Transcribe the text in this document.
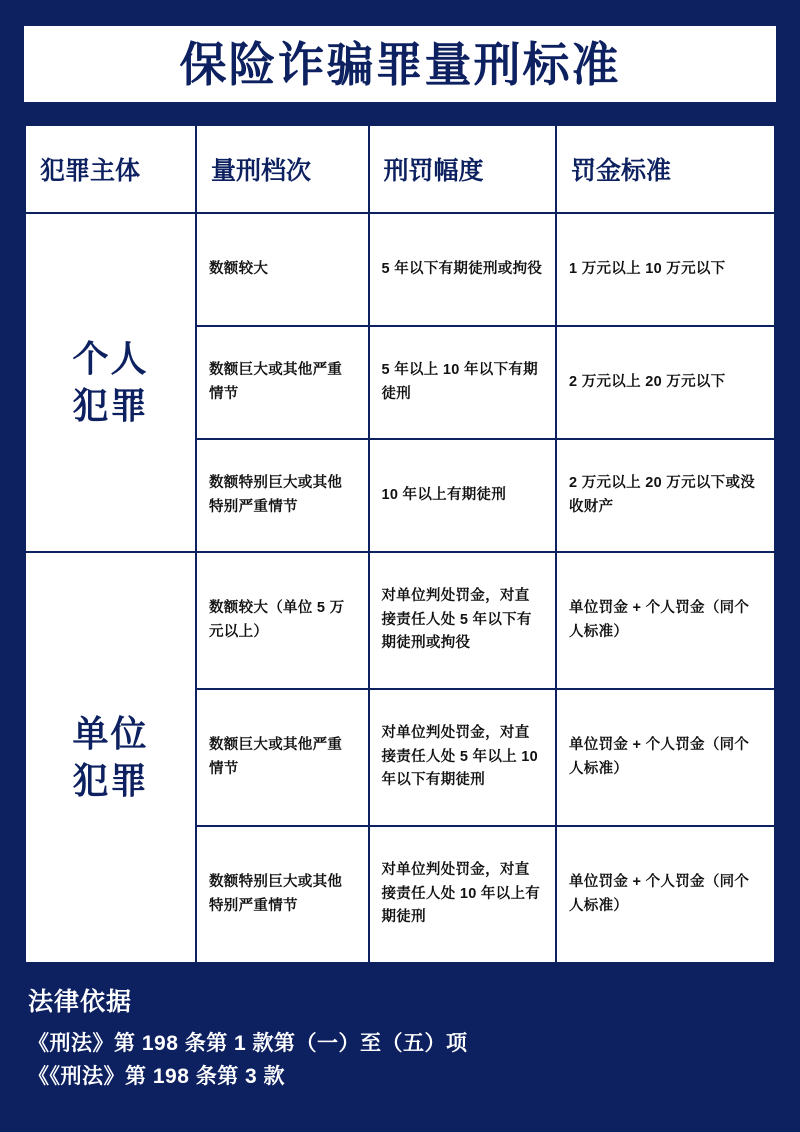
保险诈骗罪量刑标准
犯罪主体	量刑档次	刑罚幅度	罚金标准

个人
犯罪	数额较大	5 年以下有期徒刑或拘役	1 万元以上 10 万元以下
	数额巨大或其他严重情节	5 年以上 10 年以下有期徒刑	2 万元以上 20 万元以下
	数额特别巨大或其他特别严重情节	10 年以上有期徒刑	2 万元以上 20 万元以下或没收财产

单位
犯罪	数额较大（单位 5 万元以上）	对单位判处罚金，对直接责任人处 5 年以下有期徒刑或拘役	单位罚金 + 个人罚金（同个人标准）
	数额巨大或其他严重情节	对单位判处罚金，对直接责任人处 5 年以上 10 年以下有期徒刑	单位罚金 + 个人罚金（同个人标准）
	数额特别巨大或其他特别严重情节	对单位判处罚金，对直接责任人处 10 年以上有期徒刑	单位罚金 + 个人罚金（同个人标准）
法律依据
《刑法》第 198 条第 1 款第（一）至（五）项
《《刑法》第 198 条第 3 款
